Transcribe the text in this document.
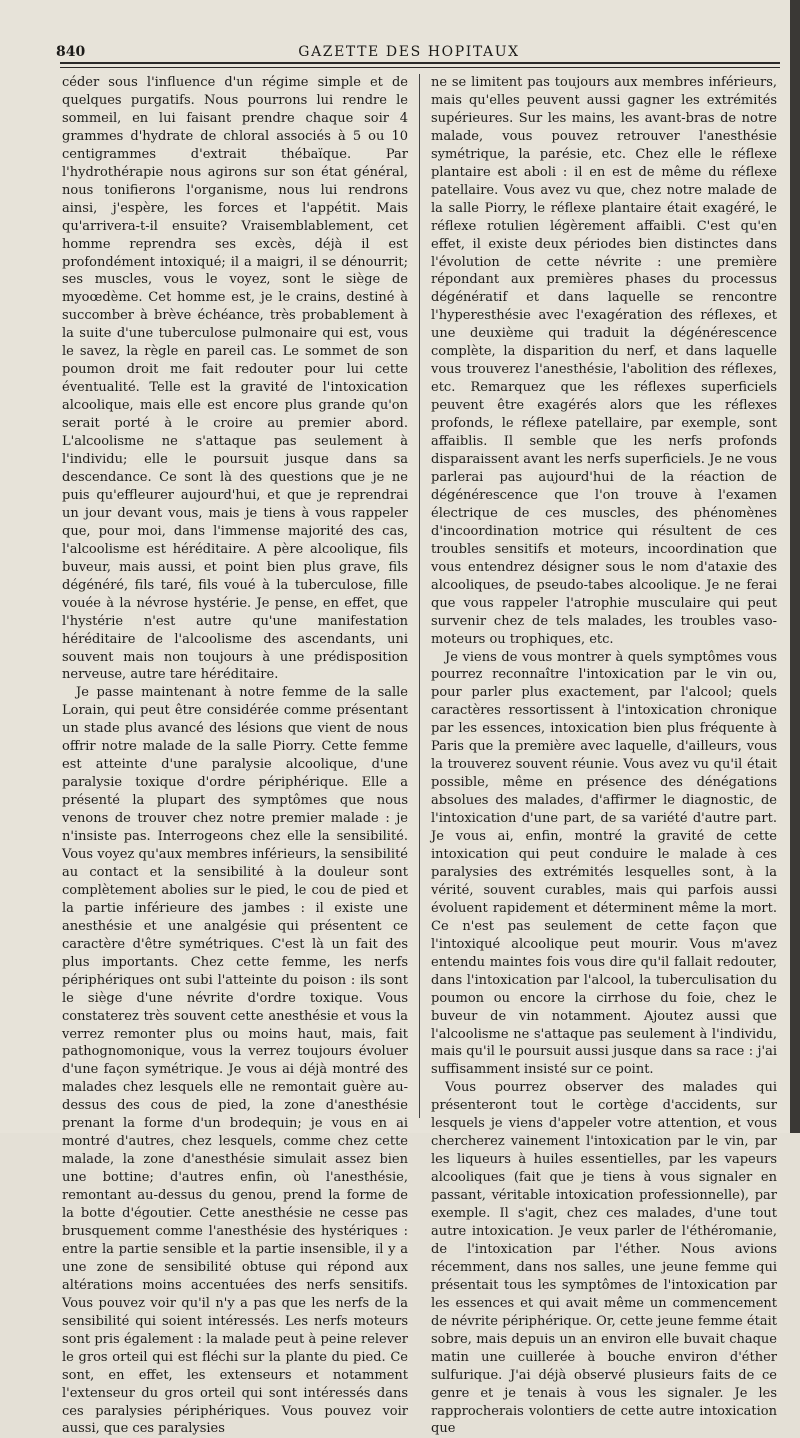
840	GAZETTE DES HOPITAUX

céder sous l'influence d'un régime simple et de quelques purgatifs. Nous pourrons lui rendre le sommeil, en lui faisant prendre chaque soir 4 grammes d'hydrate de chloral associés à 5 ou 10 centigrammes d'extrait thébaïque. Par l'hydrothérapie nous agirons sur son état général, nous tonifierons l'organisme, nous lui rendrons ainsi, j'espère, les forces et l'appétit. Mais qu'arrivera-t-il ensuite? Vraisemblablement, cet homme reprendra ses excès, déjà il est profondément intoxiqué; il a maigri, il se dénourrit; ses muscles, vous le voyez, sont le siège de myoœdème. Cet homme est, je le crains, destiné à succomber à brève échéance, très probablement à la suite d'une tuberculose pulmonaire qui est, vous le savez, la règle en pareil cas. Le sommet de son poumon droit me fait redouter pour lui cette éventualité. Telle est la gravité de l'intoxication alcoolique, mais elle est encore plus grande qu'on serait porté à le croire au premier abord. L'alcoolisme ne s'attaque pas seulement à l'individu; elle le poursuit jusque dans sa descendance. Ce sont là des questions que je ne puis qu'effleurer aujourd'hui, et que je reprendrai un jour devant vous, mais je tiens à vous rappeler que, pour moi, dans l'immense majorité des cas, l'alcoolisme est héréditaire. A père alcoolique, fils buveur, mais aussi, et point bien plus grave, fils dégénéré, fils taré, fils voué à la tuberculose, fille vouée à la névrose hystérie. Je pense, en effet, que l'hystérie n'est autre qu'une manifestation héréditaire de l'alcoolisme des ascendants, uni souvent mais non toujours à une prédisposition nerveuse, autre tare héréditaire.

Je passe maintenant à notre femme de la salle Lorain, qui peut être considérée comme présentant un stade plus avancé des lésions que vient de nous offrir notre malade de la salle Piorry. Cette femme est atteinte d'une paralysie alcoolique, d'une paralysie toxique d'ordre périphérique. Elle a présenté la plupart des symptômes que nous venons de trouver chez notre premier malade : je n'insiste pas. Interrogeons chez elle la sensibilité. Vous voyez qu'aux membres inférieurs, la sensibilité au contact et la sensibilité à la douleur sont complètement abolies sur le pied, le cou de pied et la partie inférieure des jambes : il existe une anesthésie et une analgésie qui présentent ce caractère d'être symétriques. C'est là un fait des plus importants. Chez cette femme, les nerfs périphériques ont subi l'atteinte du poison : ils sont le siège d'une névrite d'ordre toxique. Vous constaterez très souvent cette anesthésie et vous la verrez remonter plus ou moins haut, mais, fait pathognomonique, vous la verrez toujours évoluer d'une façon symétrique. Je vous ai déjà montré des malades chez lesquels elle ne remontait guère au-dessus des cous de pied, la zone d'anesthésie prenant la forme d'un brodequin; je vous en ai montré d'autres, chez lesquels, comme chez cette malade, la zone d'anesthésie simulait assez bien une bottine; d'autres enfin, où l'anesthésie, remontant au-dessus du genou, prend la forme de la botte d'égoutier. Cette anesthésie ne cesse pas brusquement comme l'anesthésie des hystériques : entre la partie sensible et la partie insensible, il y a une zone de sensibilité obtuse qui répond aux altérations moins accentuées des nerfs sensitifs. Vous pouvez voir qu'il n'y a pas que les nerfs de la sensibilité qui soient intéressés. Les nerfs moteurs sont pris également : la malade peut à peine relever le gros orteil qui est fléchi sur la plante du pied. Ce sont, en effet, les extenseurs et notamment l'extenseur du gros orteil qui sont intéressés dans ces paralysies périphériques. Vous pouvez voir aussi, que ces paralysies

ne se limitent pas toujours aux membres inférieurs, mais qu'elles peuvent aussi gagner les extrémités supérieures. Sur les mains, les avant-bras de notre malade, vous pouvez retrouver l'anesthésie symétrique, la parésie, etc. Chez elle le réflexe plantaire est aboli : il en est de même du réflexe patellaire. Vous avez vu que, chez notre malade de la salle Piorry, le réflexe plantaire était exagéré, le réflexe rotulien légèrement affaibli. C'est qu'en effet, il existe deux périodes bien distinctes dans l'évolution de cette névrite : une première répondant aux premières phases du processus dégénératif et dans laquelle se rencontre l'hyperesthésie avec l'exagération des réflexes, et une deuxième qui traduit la dégénérescence complète, la disparition du nerf, et dans laquelle vous trouverez l'anesthésie, l'abolition des réflexes, etc. Remarquez que les réflexes superficiels peuvent être exagérés alors que les réflexes profonds, le réflexe patellaire, par exemple, sont affaiblis. Il semble que les nerfs profonds disparaissent avant les nerfs superficiels. Je ne vous parlerai pas aujourd'hui de la réaction de dégénérescence que l'on trouve à l'examen électrique de ces muscles, des phénomènes d'incoordination motrice qui résultent de ces troubles sensitifs et moteurs, incoordination que vous entendrez désigner sous le nom d'ataxie des alcooliques, de pseudo-tabes alcoolique. Je ne ferai que vous rappeler l'atrophie musculaire qui peut survenir chez de tels malades, les troubles vaso-moteurs ou trophiques, etc.

Je viens de vous montrer à quels symptômes vous pourrez reconnaître l'intoxication par le vin ou, pour parler plus exactement, par l'alcool; quels caractères ressortissent à l'intoxication chronique par les essences, intoxication bien plus fréquente à Paris que la première avec laquelle, d'ailleurs, vous la trouverez souvent réunie. Vous avez vu qu'il était possible, même en présence des dénégations absolues des malades, d'affirmer le diagnostic, de l'intoxication d'une part, de sa variété d'autre part. Je vous ai, enfin, montré la gravité de cette intoxication qui peut conduire le malade à ces paralysies des extrémités lesquelles sont, à la vérité, souvent curables, mais qui parfois aussi évoluent rapidement et déterminent même la mort. Ce n'est pas seulement de cette façon que l'intoxiqué alcoolique peut mourir. Vous m'avez entendu maintes fois vous dire qu'il fallait redouter, dans l'intoxication par l'alcool, la tuberculisation du poumon ou encore la cirrhose du foie, chez le buveur de vin notamment. Ajoutez aussi que l'alcoolisme ne s'attaque pas seulement à l'individu, mais qu'il le poursuit aussi jusque dans sa race : j'ai suffisamment insisté sur ce point.

Vous pourrez observer des malades qui présenteront tout le cortège d'accidents, sur lesquels je viens d'appeler votre attention, et vous chercherez vainement l'intoxication par le vin, par les liqueurs à huiles essentielles, par les vapeurs alcooliques (fait que je tiens à vous signaler en passant, véritable intoxication professionnelle), par exemple. Il s'agit, chez ces malades, d'une tout autre intoxication. Je veux parler de l'éthéromanie, de l'intoxication par l'éther. Nous avions récemment, dans nos salles, une jeune femme qui présentait tous les symptômes de l'intoxication par les essences et qui avait même un commencement de névrite périphérique. Or, cette jeune femme était sobre, mais depuis un an environ elle buvait chaque matin une cuillerée à bouche environ d'éther sulfurique. J'ai déjà observé plusieurs faits de ce genre et je tenais à vous les signaler. Je les rapprocherais volontiers de cette autre intoxication que
